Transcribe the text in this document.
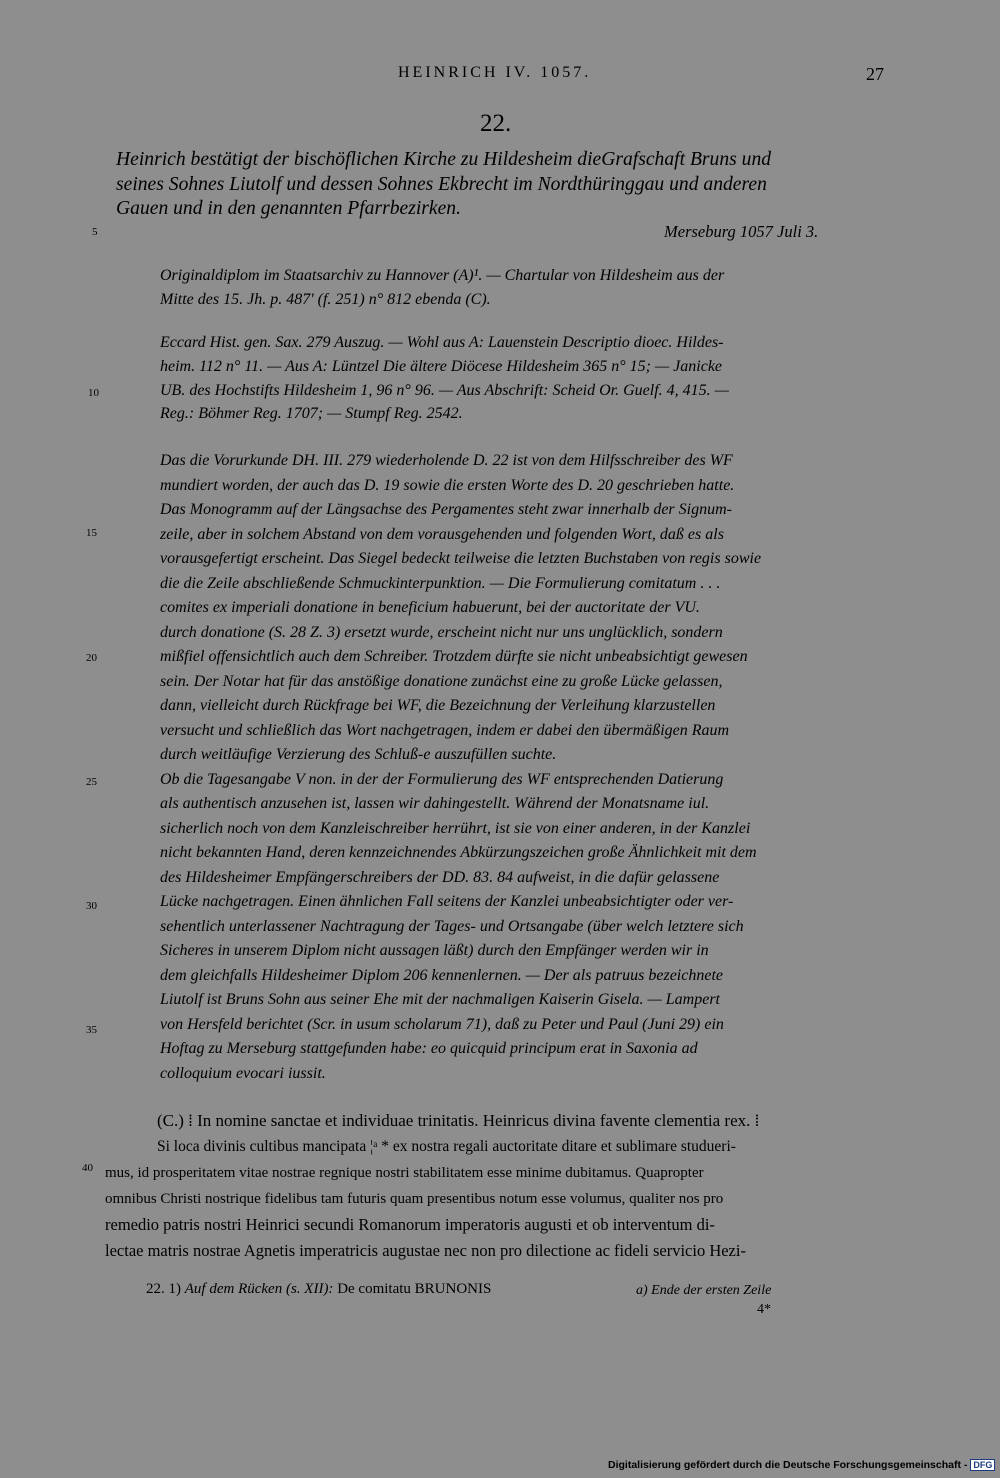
HEINRICH IV. 1057.	27
22.
Heinrich bestätigt der bischöflichen Kirche zu Hildesheim dieGrafschaft Bruns und
seines Sohnes Liutolf und dessen Sohnes Ekbrecht im Nordthüringgau und anderen
Gauen und in den genannten Pfarrbezirken.
Merseburg 1057 Juli 3.
5
10
15
20
25
30
35
40
Originaldiplom im Staatsarchiv zu Hannover (A)¹. — Chartular von Hildesheim aus der
Mitte des 15. Jh. p. 487' (f. 251) n° 812 ebenda (C).
Eccard Hist. gen. Sax. 279 Auszug. — Wohl aus A: Lauenstein Descriptio dioec. Hildes-
heim. 112 n° 11. — Aus A: Lüntzel Die ältere Diöcese Hildesheim 365 n° 15; — Janicke
UB. des Hochstifts Hildesheim 1, 96 n° 96. — Aus Abschrift: Scheid Or. Guelf. 4, 415. —
Reg.: Böhmer Reg. 1707; — Stumpf Reg. 2542.
Das die Vorurkunde DH. III. 279 wiederholende D. 22 ist von dem Hilfsschreiber des WF
mundiert worden, der auch das D. 19 sowie die ersten Worte des D. 20 geschrieben hatte.
Das Monogramm auf der Längsachse des Pergamentes steht zwar innerhalb der Signum-
zeile, aber in solchem Abstand von dem vorausgehenden und folgenden Wort, daß es als
vorausgefertigt erscheint. Das Siegel bedeckt teilweise die letzten Buchstaben von regis sowie
die die Zeile abschließende Schmuckinterpunktion. — Die Formulierung comitatum . . .
comites ex imperiali donatione in beneficium habuerunt, bei der auctoritate der VU.
durch donatione (S. 28 Z. 3) ersetzt wurde, erscheint nicht nur uns unglücklich, sondern
mißfiel offensichtlich auch dem Schreiber. Trotzdem dürfte sie nicht unbeabsichtigt gewesen
sein. Der Notar hat für das anstößige donatione zunächst eine zu große Lücke gelassen,
dann, vielleicht durch Rückfrage bei WF, die Bezeichnung der Verleihung klarzustellen
versucht und schließlich das Wort nachgetragen, indem er dabei den übermäßigen Raum
durch weitläufige Verzierung des Schluß-e auszufüllen suchte.
Ob die Tagesangabe V non. in der der Formulierung des WF entsprechenden Datierung
als authentisch anzusehen ist, lassen wir dahingestellt. Während der Monatsname iul.
sicherlich noch von dem Kanzleischreiber herrührt, ist sie von einer anderen, in der Kanzlei
nicht bekannten Hand, deren kennzeichnendes Abkürzungszeichen große Ähnlichkeit mit dem
des Hildesheimer Empfängerschreibers der DD. 83. 84 aufweist, in die dafür gelassene
Lücke nachgetragen. Einen ähnlichen Fall seitens der Kanzlei unbeabsichtigter oder ver-
sehentlich unterlassener Nachtragung der Tages- und Ortsangabe (über welch letztere sich
Sicheres in unserem Diplom nicht aussagen läßt) durch den Empfänger werden wir in
dem gleichfalls Hildesheimer Diplom 206 kennenlernen. — Der als patruus bezeichnete
Liutolf ist Bruns Sohn aus seiner Ehe mit der nachmaligen Kaiserin Gisela. — Lampert
von Hersfeld berichtet (Scr. in usum scholarum 71), daß zu Peter und Paul (Juni 29) ein
Hoftag zu Merseburg stattgefunden habe: eo quicquid principum erat in Saxonia ad
colloquium evocari iussit.
(C.) ⁞ In nomine sanctae et individuae trinitatis. Heinricus divina favente clementia rex. ⁞
Si loca divinis cultibus mancipata ¦ᵃ * ex nostra regali auctoritate ditare et sublimare studueri-
mus, id prosperitatem vitae nostrae regnique nostri stabilitatem esse minime dubitamus. Quapropter
omnibus Christi nostrique fidelibus tam futuris quam presentibus notum esse volumus, qualiter nos pro
remedio patris nostri Heinrici secundi Romanorum imperatoris augusti et ob interventum di-
lectae matris nostrae Agnetis imperatricis augustae nec non pro dilectione ac fideli servicio Hezi-
22. 1) Auf dem Rücken (s. XII): De comitatu BRUNONIS	a) Ende der ersten Zeile
4*
Digitalisierung gefördert durch die Deutsche Forschungsgemeinschaft - DFG
